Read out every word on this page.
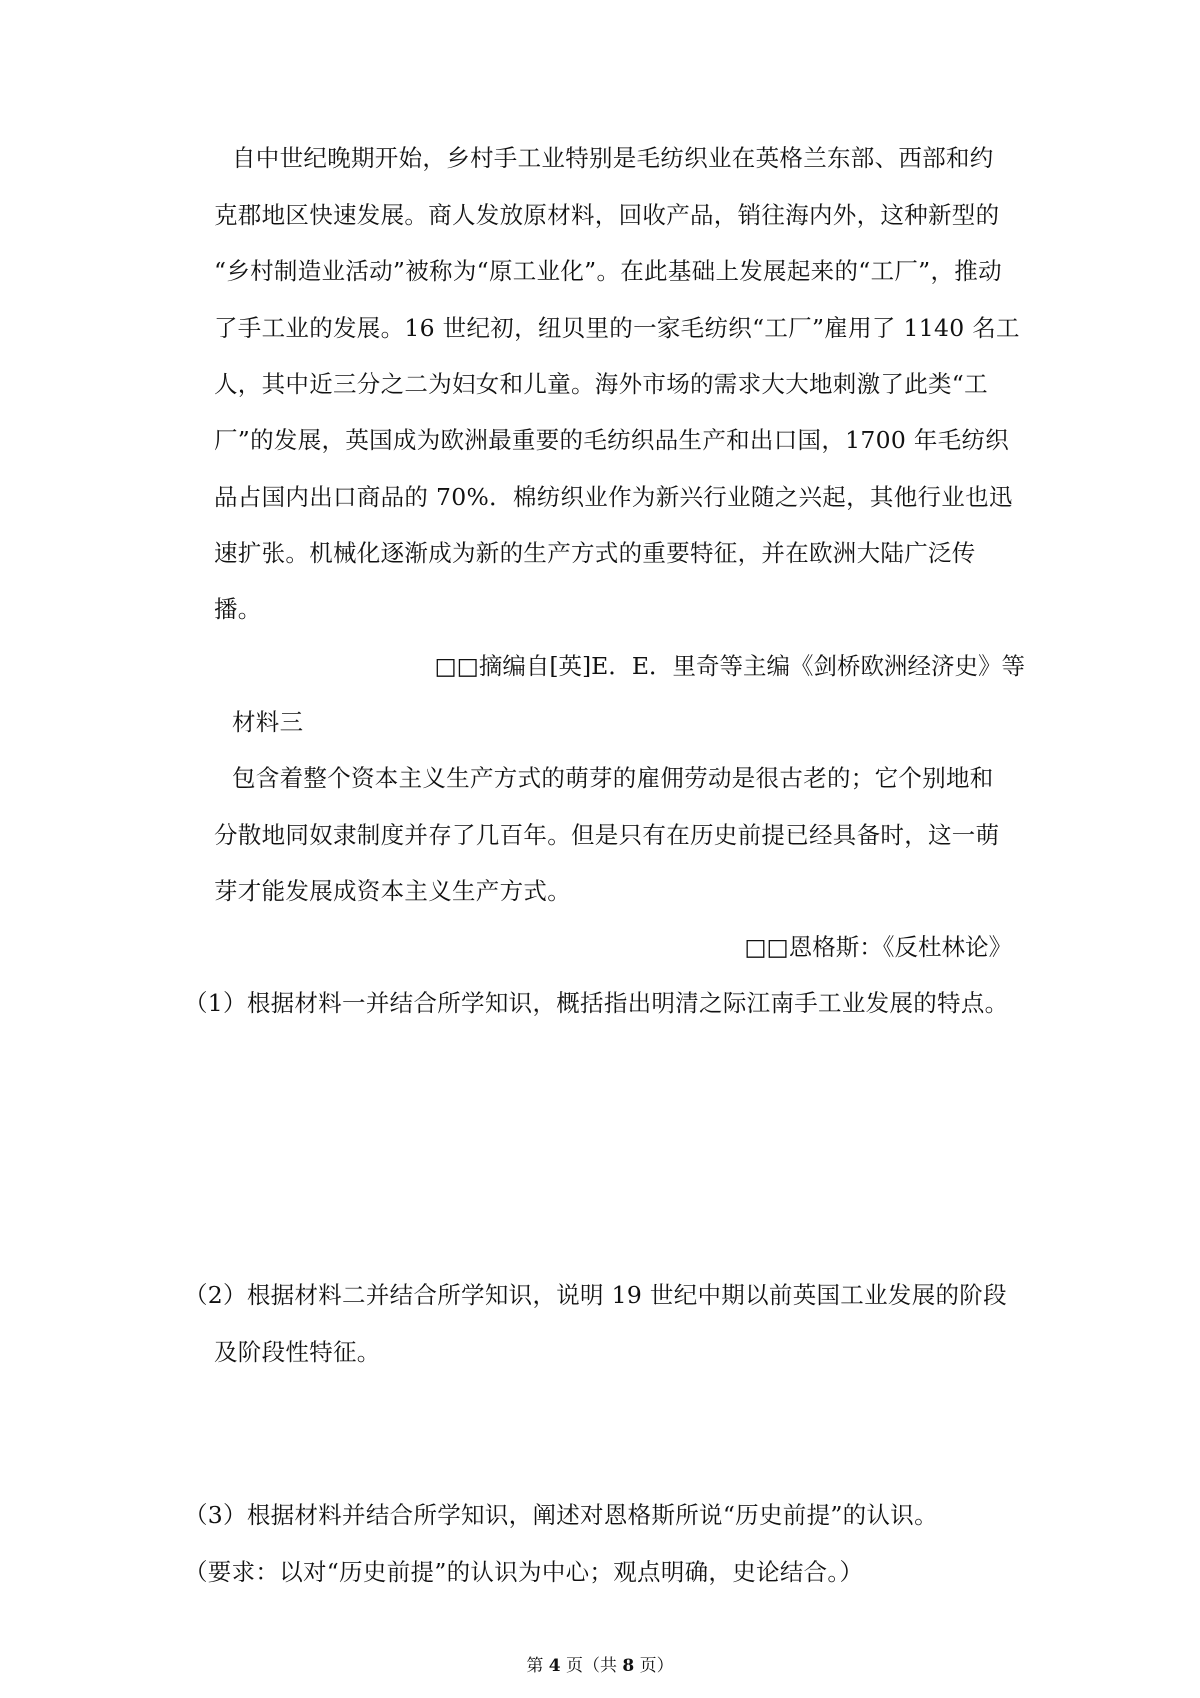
自中世纪晚期开始，乡村手工业特别是毛纺织业在英格兰东部、西部和约
克郡地区快速发展。商人发放原材料，回收产品，销往海内外，这种新型的
“乡村制造业活动”被称为“原工业化”。在此基础上发展起来的“工厂”，推动
了手工业的发展。16 世纪初，纽贝里的一家毛纺织“工厂”雇用了 1140 名工
人，其中近三分之二为妇女和儿童。海外市场的需求大大地刺激了此类“工
厂”的发展，英国成为欧洲最重要的毛纺织品生产和出口国，1700 年毛纺织
品占国内出口商品的 70%．棉纺织业作为新兴行业随之兴起，其他行业也迅
速扩张。机械化逐渐成为新的生产方式的重要特征，并在欧洲大陆广泛传
播。
□□摘编自[英]E．E．里奇等主编《剑桥欧洲经济史》等
材料三
包含着整个资本主义生产方式的萌芽的雇佣劳动是很古老的；它个别地和
分散地同奴隶制度并存了几百年。但是只有在历史前提已经具备时，这一萌
芽才能发展成资本主义生产方式。
□□恩格斯：《反杜林论》
（1）根据材料一并结合所学知识，概括指出明清之际江南手工业发展的特点。
（2）根据材料二并结合所学知识，说明 19 世纪中期以前英国工业发展的阶段
及阶段性特征。
（3）根据材料并结合所学知识，阐述对恩格斯所说“历史前提”的认识。
（要求：以对“历史前提”的认识为中心；观点明确，史论结合。）
第 4 页（共 8 页）
